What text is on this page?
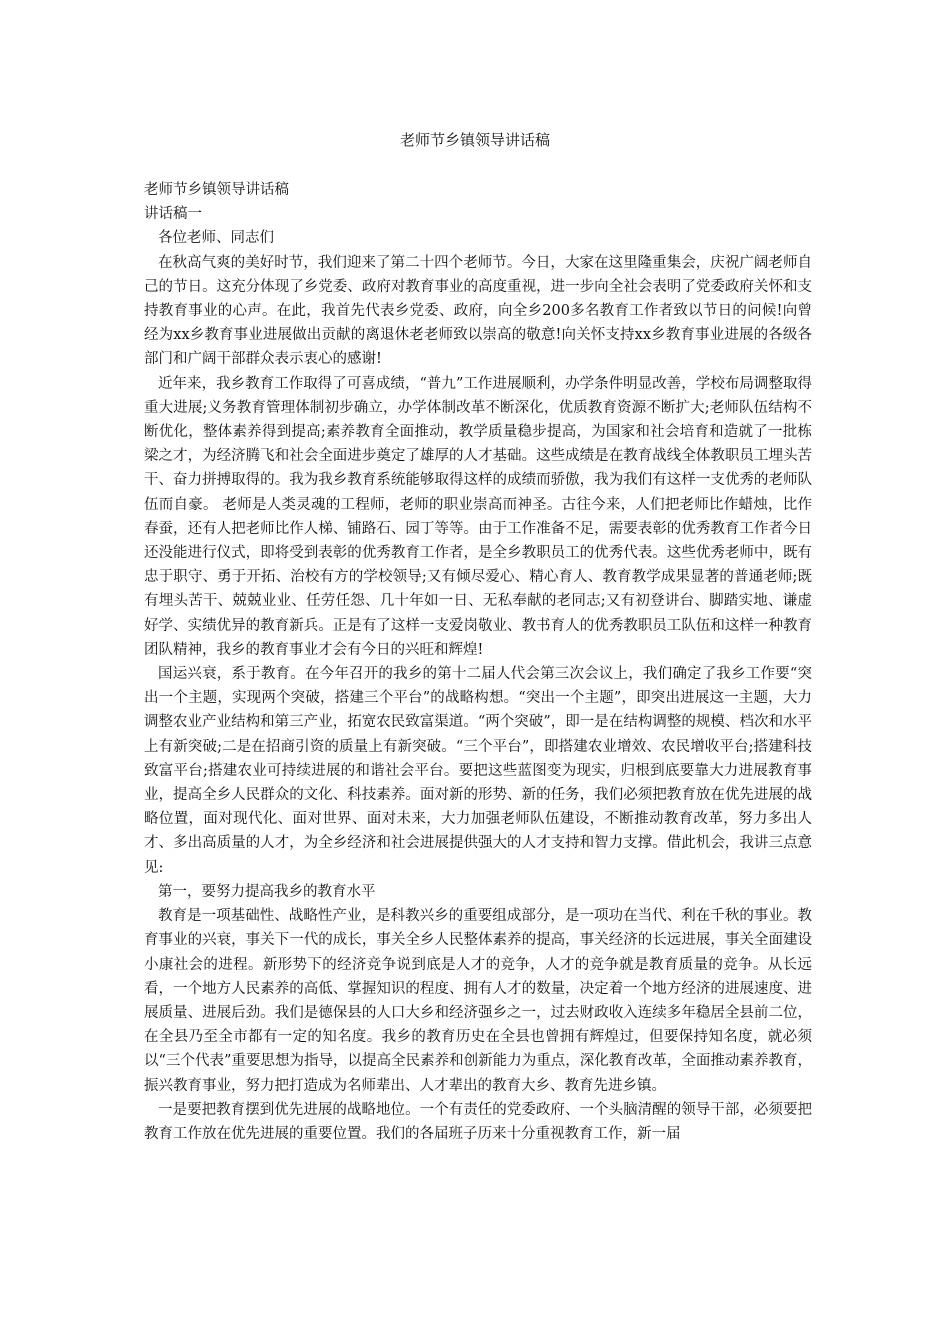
老师节乡镇领导讲话稿

老师节乡镇领导讲话稿

讲话稿一

各位老师、同志们

在秋高气爽的美好时节，我们迎来了第二十四个老师节。今日，大家在这里隆重集会，庆祝广阔老师自己的节日。这充分体现了乡党委、政府对教育事业的高度重视，进一步向全社会表明了党委政府关怀和支持教育事业的心声。在此，我首先代表乡党委、政府，向全乡200多名教育工作者致以节日的问候!向曾经为xx乡教育事业进展做出贡献的离退休老老师致以崇高的敬意!向关怀支持xx乡教育事业进展的各级各部门和广阔干部群众表示衷心的感谢!

近年来，我乡教育工作取得了可喜成绩，“普九”工作进展顺利，办学条件明显改善，学校布局调整取得重大进展;义务教育管理体制初步确立，办学体制改革不断深化，优质教育资源不断扩大;老师队伍结构不断优化，整体素养得到提高;素养教育全面推动，教学质量稳步提高，为国家和社会培育和造就了一批栋梁之才，为经济腾飞和社会全面进步奠定了雄厚的人才基础。这些成绩是在教育战线全体教职员工埋头苦干、奋力拼搏取得的。我为我乡教育系统能够取得这样的成绩而骄傲，我为我们有这样一支优秀的老师队伍而自豪。 老师是人类灵魂的工程师，老师的职业崇高而神圣。古往今来，人们把老师比作蜡烛，比作春蚕，还有人把老师比作人梯、铺路石、园丁等等。由于工作准备不足，需要表彰的优秀教育工作者今日还没能进行仪式，即将受到表彰的优秀教育工作者，是全乡教职员工的优秀代表。这些优秀老师中，既有忠于职守、勇于开拓、治校有方的学校领导;又有倾尽爱心、精心育人、教育教学成果显著的普通老师;既有埋头苦干、兢兢业业、任劳任怨、几十年如一日、无私奉献的老同志;又有初登讲台、脚踏实地、谦虚好学、实绩优异的教育新兵。正是有了这样一支爱岗敬业、教书育人的优秀教职员工队伍和这样一种教育团队精神，我乡的教育事业才会有今日的兴旺和辉煌!

国运兴衰，系于教育。在今年召开的我乡的第十二届人代会第三次会议上，我们确定了我乡工作要“突出一个主题，实现两个突破，搭建三个平台”的战略构想。“突出一个主题”，即突出进展这一主题，大力调整农业产业结构和第三产业，拓宽农民致富渠道。“两个突破”，即一是在结构调整的规模、档次和水平上有新突破;二是在招商引资的质量上有新突破。“三个平台”，即搭建农业增效、农民增收平台;搭建科技致富平台;搭建农业可持续进展的和谐社会平台。要把这些蓝图变为现实，归根到底要靠大力进展教育事业，提高全乡人民群众的文化、科技素养。面对新的形势、新的任务，我们必须把教育放在优先进展的战略位置，面对现代化、面对世界、面对未来，大力加强老师队伍建设，不断推动教育改革，努力多出人才、多出高质量的人才，为全乡经济和社会进展提供强大的人才支持和智力支撑。借此机会，我讲三点意见:

第一，要努力提高我乡的教育水平

教育是一项基础性、战略性产业，是科教兴乡的重要组成部分，是一项功在当代、利在千秋的事业。教育事业的兴衰，事关下一代的成长，事关全乡人民整体素养的提高，事关经济的长远进展，事关全面建设小康社会的进程。新形势下的经济竞争说到底是人才的竞争，人才的竞争就是教育质量的竞争。从长远看，一个地方人民素养的高低、掌握知识的程度、拥有人才的数量，决定着一个地方经济的进展速度、进展质量、进展后劲。我们是德保县的人口大乡和经济强乡之一，过去财政收入连续多年稳居全县前二位，在全县乃至全市都有一定的知名度。我乡的教育历史在全县也曾拥有辉煌过，但要保持知名度，就必须以“三个代表”重要思想为指导，以提高全民素养和创新能力为重点，深化教育改革，全面推动素养教育，振兴教育事业，努力把打造成为名师辈出、人才辈出的教育大乡、教育先进乡镇。

一是要把教育摆到优先进展的战略地位。一个有责任的党委政府、一个头脑清醒的领导干部，必须要把教育工作放在优先进展的重要位置。我们的各届班子历来十分重视教育工作，新一届
